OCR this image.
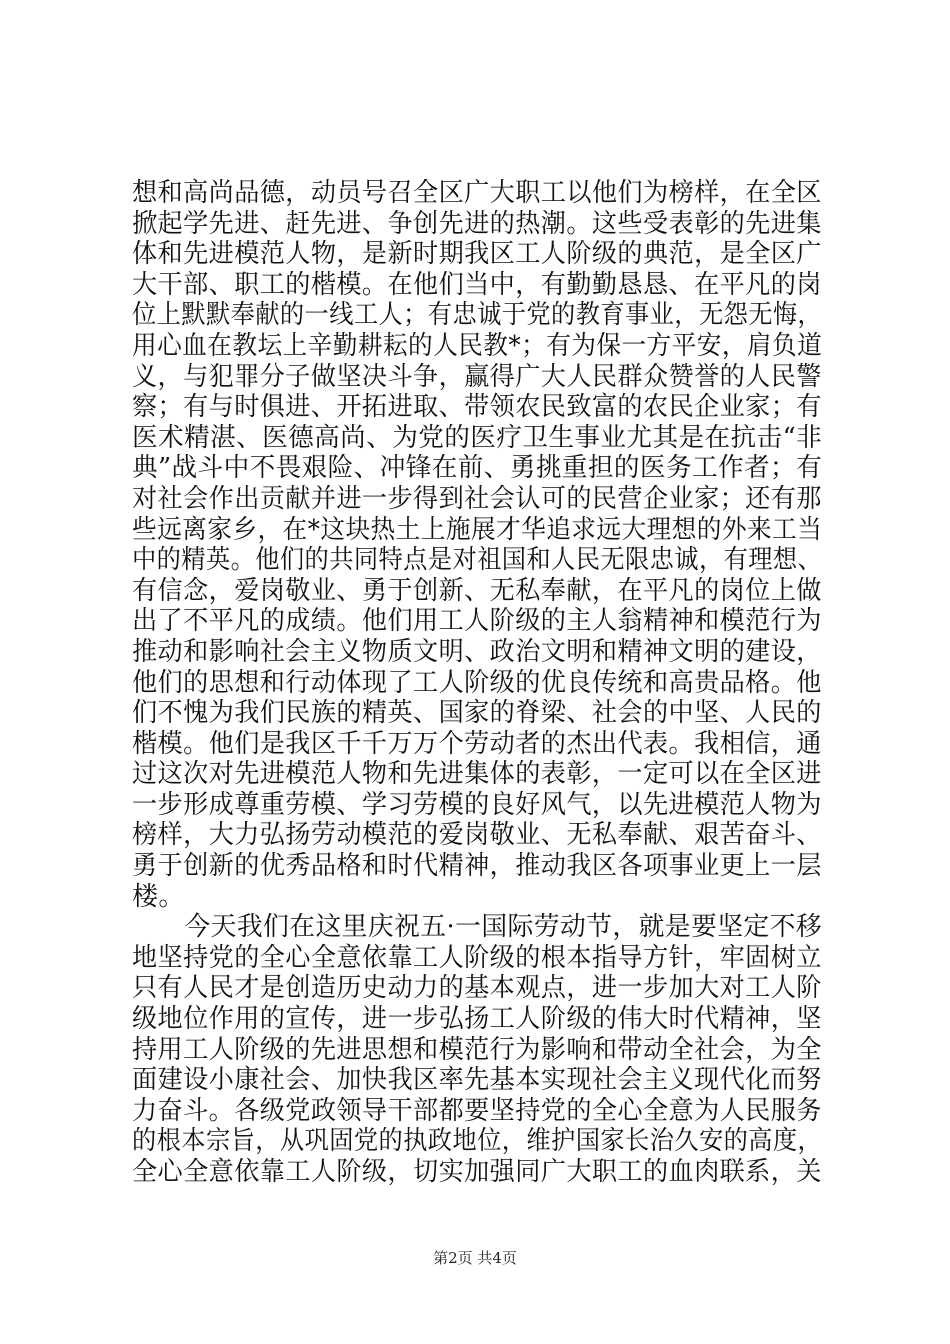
想和高尚品德，动员号召全区广大职工以他们为榜样，在全区
掀起学先进、赶先进、争创先进的热潮。这些受表彰的先进集
体和先进模范人物，是新时期我区工人阶级的典范，是全区广
大干部、职工的楷模。在他们当中，有勤勤恳恳、在平凡的岗
位上默默奉献的一线工人；有忠诚于党的教育事业，无怨无悔，
用心血在教坛上辛勤耕耘的人民教*；有为保一方平安，肩负道
义，与犯罪分子做坚决斗争，赢得广大人民群众赞誉的人民警
察；有与时俱进、开拓进取、带领农民致富的农民企业家；有
医术精湛、医德高尚、为党的医疗卫生事业尤其是在抗击“非
典”战斗中不畏艰险、冲锋在前、勇挑重担的医务工作者；有
对社会作出贡献并进一步得到社会认可的民营企业家；还有那
些远离家乡，在*这块热土上施展才华追求远大理想的外来工当
中的精英。他们的共同特点是对祖国和人民无限忠诚，有理想、
有信念，爱岗敬业、勇于创新、无私奉献，在平凡的岗位上做
出了不平凡的成绩。他们用工人阶级的主人翁精神和模范行为
推动和影响社会主义物质文明、政治文明和精神文明的建设，
他们的思想和行动体现了工人阶级的优良传统和高贵品格。他
们不愧为我们民族的精英、国家的脊梁、社会的中坚、人民的
楷模。他们是我区千千万万个劳动者的杰出代表。我相信，通
过这次对先进模范人物和先进集体的表彰，一定可以在全区进
一步形成尊重劳模、学习劳模的良好风气，以先进模范人物为
榜样，大力弘扬劳动模范的爱岗敬业、无私奉献、艰苦奋斗、
勇于创新的优秀品格和时代精神，推动我区各项事业更上一层
楼。
　　今天我们在这里庆祝五·一国际劳动节，就是要坚定不移
地坚持党的全心全意依靠工人阶级的根本指导方针，牢固树立
只有人民才是创造历史动力的基本观点，进一步加大对工人阶
级地位作用的宣传，进一步弘扬工人阶级的伟大时代精神，坚
持用工人阶级的先进思想和模范行为影响和带动全社会，为全
面建设小康社会、加快我区率先基本实现社会主义现代化而努
力奋斗。各级党政领导干部都要坚持党的全心全意为人民服务
的根本宗旨，从巩固党的执政地位，维护国家长治久安的高度，
全心全意依靠工人阶级，切实加强同广大职工的血肉联系，关
第2页 共4页
